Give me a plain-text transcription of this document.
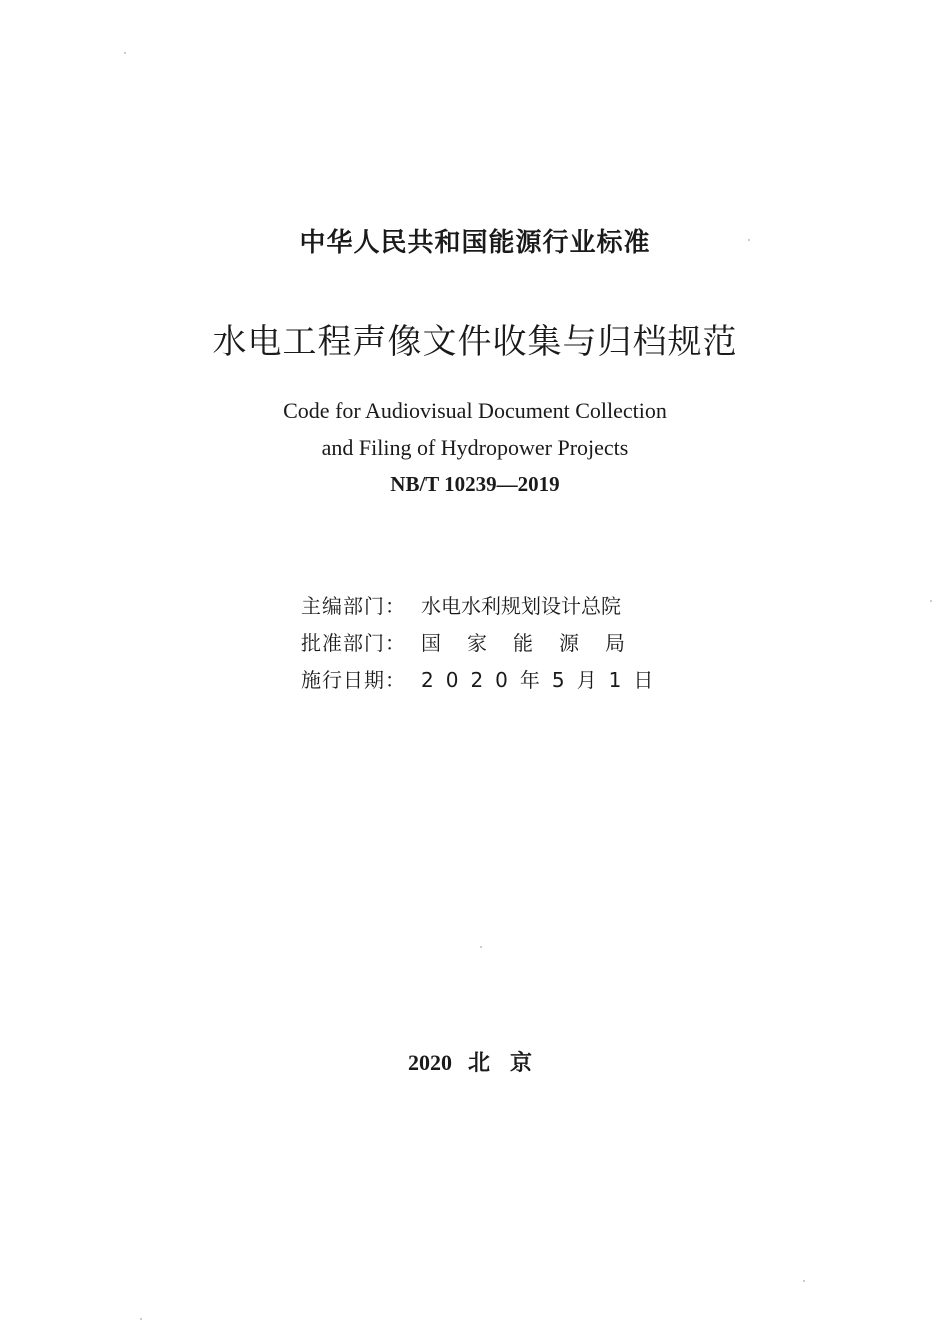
中华人民共和国能源行业标准
水电工程声像文件收集与归档规范
Code for Audiovisual Document Collection
and Filing of Hydropower Projects
NB/T 10239—2019
主编部门： 水电水利规划设计总院
批准部门： 国家能源局
施行日期： 2020年5月1日
2020 北京
